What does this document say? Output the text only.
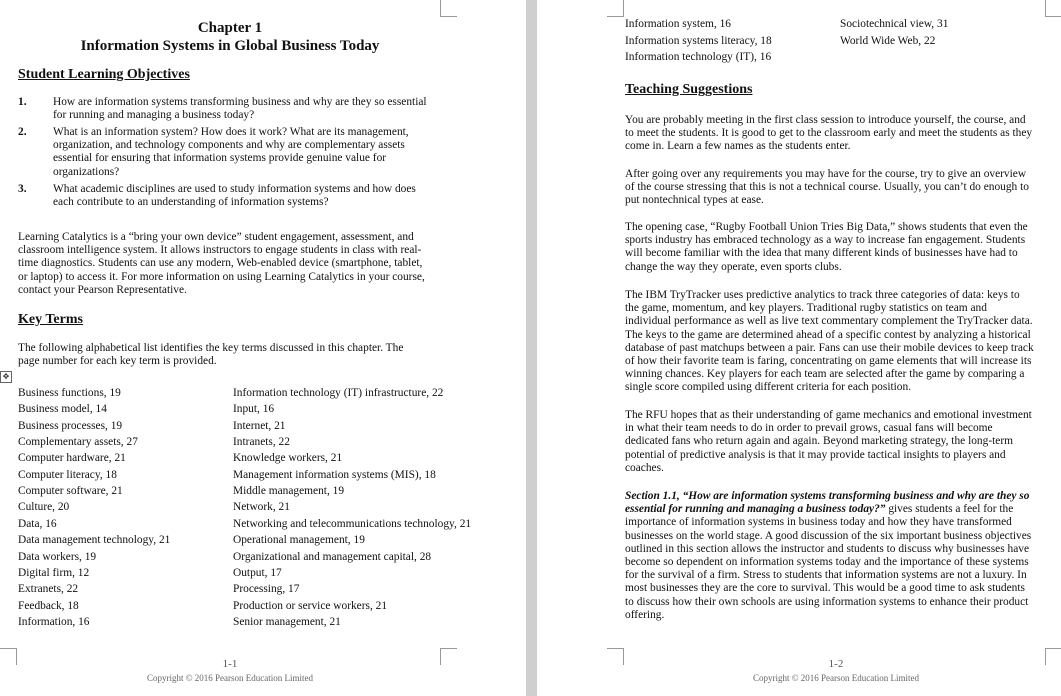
Chapter 1
Information Systems in Global Business Today
Student Learning Objectives
1. How are information systems transforming business and why are they so essential
for running and managing a business today?
2. What is an information system? How does it work? What are its management,
organization, and technology components and why are complementary assets
essential for ensuring that information systems provide genuine value for
organizations?
3. What academic disciplines are used to study information systems and how does
each contribute to an understanding of information systems?
Learning Catalytics is a “bring your own device” student engagement, assessment, and
classroom intelligence system. It allows instructors to engage students in class with real-
time diagnostics. Students can use any modern, Web-enabled device (smartphone, tablet,
or laptop) to access it. For more information on using Learning Catalytics in your course,
contact your Pearson Representative.
Key Terms
The following alphabetical list identifies the key terms discussed in this chapter. The
page number for each key term is provided.
✥
Business functions, 19
Business model, 14
Business processes, 19
Complementary assets, 27
Computer hardware, 21
Computer literacy, 18
Computer software, 21
Culture, 20
Data, 16
Data management technology, 21
Data workers, 19
Digital firm, 12
Extranets, 22
Feedback, 18
Information, 16
Information technology (IT) infrastructure, 22
Input, 16
Internet, 21
Intranets, 22
Knowledge workers, 21
Management information systems (MIS), 18
Middle management, 19
Network, 21
Networking and telecommunications technology, 21
Operational management, 19
Organizational and management capital, 28
Output, 17
Processing, 17
Production or service workers, 21
Senior management, 21
1-1
Copyright © 2016 Pearson Education Limited
Information system, 16
Information systems literacy, 18
Information technology (IT), 16
Sociotechnical view, 31
World Wide Web, 22
Teaching Suggestions
You are probably meeting in the first class session to introduce yourself, the course, and
to meet the students. It is good to get to the classroom early and meet the students as they
come in. Learn a few names as the students enter.
After going over any requirements you may have for the course, try to give an overview
of the course stressing that this is not a technical course. Usually, you can’t do enough to
put nontechnical types at ease.
The opening case, “Rugby Football Union Tries Big Data,” shows students that even the
sports industry has embraced technology as a way to increase fan engagement. Students
will become familiar with the idea that many different kinds of businesses have had to
change the way they operate, even sports clubs.
The IBM TryTracker uses predictive analytics to track three categories of data: keys to
the game, momentum, and key players. Traditional rugby statistics on team and
individual performance as well as live text commentary complement the TryTracker data.
The keys to the game are determined ahead of a specific contest by analyzing a historical
database of past matchups between a pair. Fans can use their mobile devices to keep track
of how their favorite team is faring, concentrating on game elements that will increase its
winning chances. Key players for each team are selected after the game by comparing a
single score compiled using different criteria for each position.
The RFU hopes that as their understanding of game mechanics and emotional investment
in what their team needs to do in order to prevail grows, casual fans will become
dedicated fans who return again and again. Beyond marketing strategy, the long-term
potential of predictive analysis is that it may provide tactical insights to players and
coaches.
Section 1.1, “How are information systems transforming business and why are they so
essential for running and managing a business today?” gives students a feel for the
importance of information systems in business today and how they have transformed
businesses on the world stage. A good discussion of the six important business objectives
outlined in this section allows the instructor and students to discuss why businesses have
become so dependent on information systems today and the importance of these systems
for the survival of a firm. Stress to students that information systems are not a luxury. In
most businesses they are the core to survival. This would be a good time to ask students
to discuss how their own schools are using information systems to enhance their product
offering.
1-2
Copyright © 2016 Pearson Education Limited
